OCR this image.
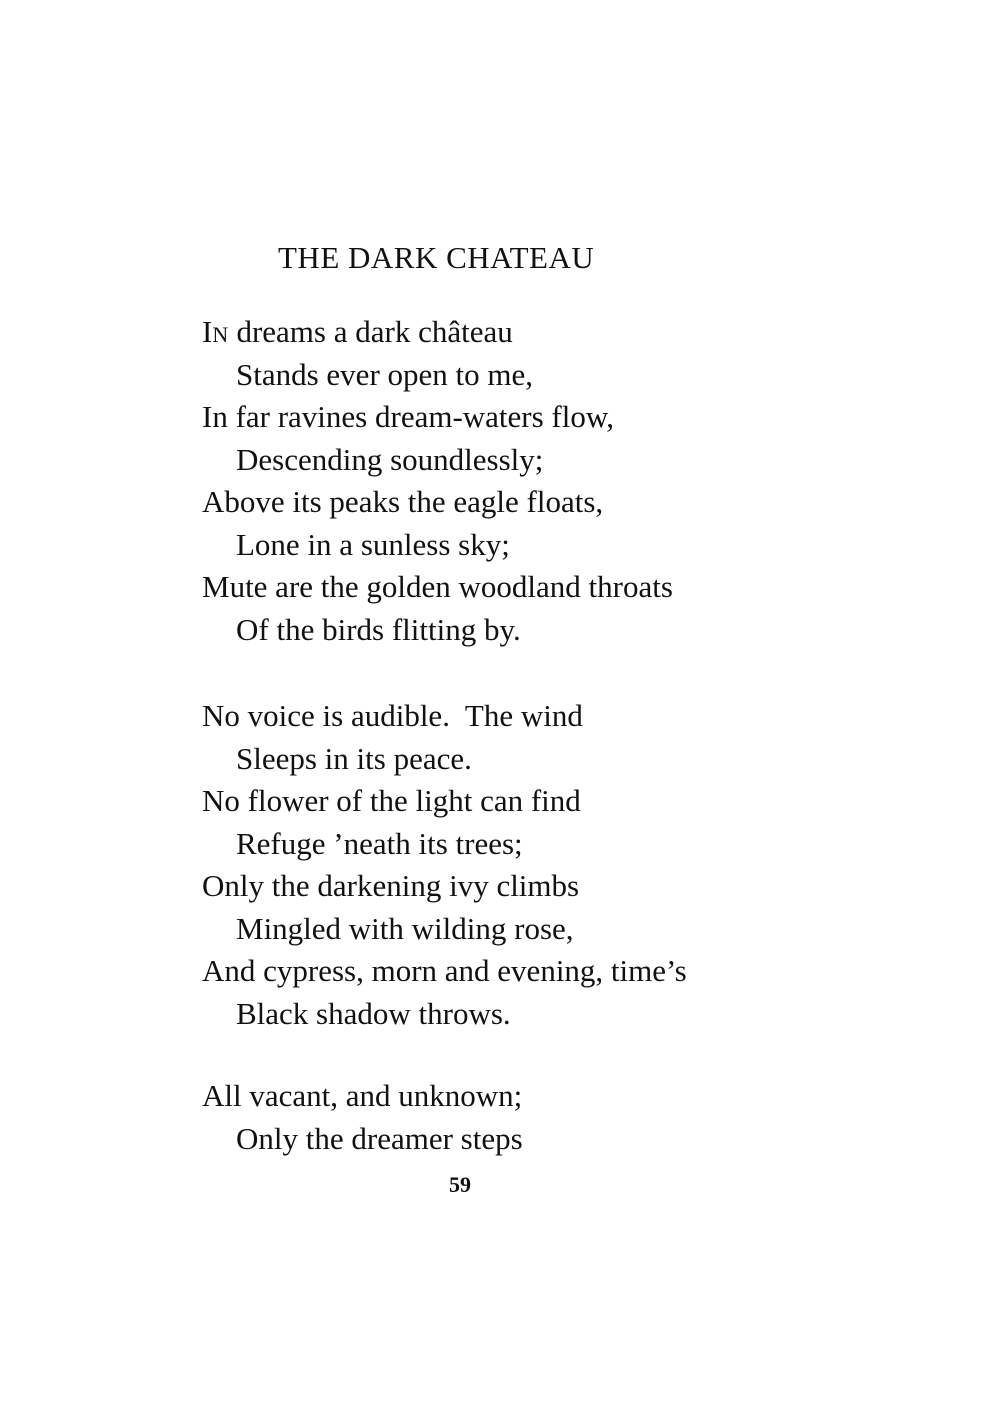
THE DARK CHATEAU
IN dreams a dark château
Stands ever open to me,
In far ravines dream-waters flow,
Descending soundlessly;
Above its peaks the eagle floats,
Lone in a sunless sky;
Mute are the golden woodland throats
Of the birds flitting by.
No voice is audible.  The wind
Sleeps in its peace.
No flower of the light can find
Refuge ’neath its trees;
Only the darkening ivy climbs
Mingled with wilding rose,
And cypress, morn and evening, time’s
Black shadow throws.
All vacant, and unknown;
Only the dreamer steps
59
